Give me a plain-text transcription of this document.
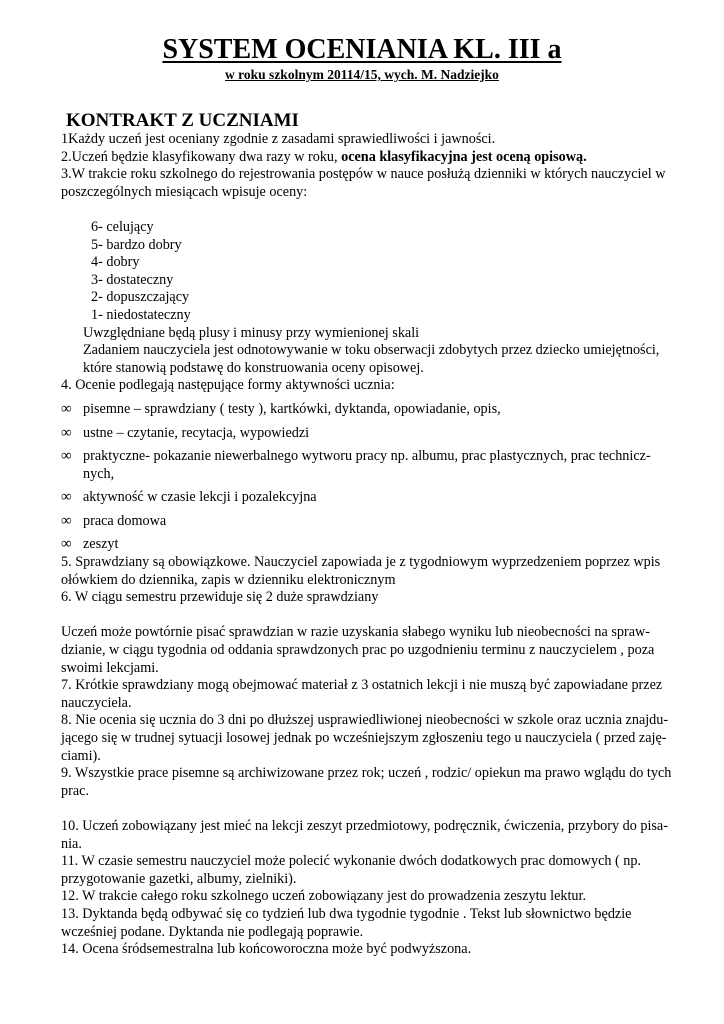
SYSTEM OCENIANIA KL. III a
w roku szkolnym 20114/15, wych. M. Nadziejko
KONTRAKT Z UCZNIAMI

1Każdy uczeń jest oceniany zgodnie z zasadami sprawiedliwości i jawności.

2.Uczeń będzie klasyfikowany dwa razy w roku, ocena klasyfikacyjna jest oceną opisową.

3.W trakcie roku szkolnego do rejestrowania postępów w nauce posłużą dzienniki w których nauczyciel w
poszczególnych miesiącach wpisuje oceny:

6- celujący

5- bardzo dobry

4- dobry

3- dostateczny

2- dopuszczający

1- niedostateczny

Uwzględniane będą plusy i minusy przy wymienionej skali

Zadaniem nauczyciela jest odnotowywanie w toku obserwacji zdobytych przez dziecko umiejętności,
które stanowią podstawę do konstruowania oceny opisowej.

4. Ocenie podlegają następujące formy aktywności ucznia:

∞ pisemne – sprawdziany ( testy ), kartkówki, dyktanda, opowiadanie, opis,
∞ ustne – czytanie, recytacja, wypowiedzi
∞ praktyczne- pokazanie niewerbalnego wytworu pracy np. albumu, prac plastycznych, prac technicz-
nych,
∞ aktywność w czasie lekcji i pozalekcyjna
∞ praca domowa
∞ zeszyt

5. Sprawdziany są obowiązkowe. Nauczyciel zapowiada je z tygodniowym wyprzedzeniem poprzez wpis
ołówkiem do dziennika, zapis w dzienniku elektronicznym

6. W ciągu semestru przewiduje się 2 duże sprawdziany

Uczeń może powtórnie pisać sprawdzian w razie uzyskania słabego wyniku lub nieobecności na spraw-
dzianie, w ciągu tygodnia od oddania sprawdzonych prac po uzgodnieniu terminu z nauczycielem , poza
swoimi lekcjami.

7. Krótkie sprawdziany mogą obejmować materiał z 3 ostatnich lekcji i nie muszą być zapowiadane przez
nauczyciela.

8. Nie ocenia się ucznia do 3 dni po dłuższej usprawiedliwionej nieobecności w szkole oraz ucznia znajdu-
jącego się w trudnej sytuacji losowej jednak po wcześniejszym zgłoszeniu tego u nauczyciela ( przed zaję-
ciami).

9. Wszystkie prace pisemne są archiwizowane przez rok; uczeń , rodzic/ opiekun ma prawo wglądu do tych
prac.

10. Uczeń zobowiązany jest mieć na lekcji zeszyt przedmiotowy, podręcznik, ćwiczenia, przybory do pisa-
nia.

11. W czasie semestru nauczyciel może polecić wykonanie dwóch dodatkowych prac domowych ( np.
przygotowanie gazetki, albumy, zielniki).

12. W trakcie całego roku szkolnego uczeń zobowiązany jest do prowadzenia zeszytu lektur.

13. Dyktanda będą odbywać się co tydzień lub dwa tygodnie tygodnie . Tekst lub słownictwo będzie
wcześniej podane. Dyktanda nie podlegają poprawie.

14. Ocena śródsemestralna lub końcoworoczna może być podwyższona.
